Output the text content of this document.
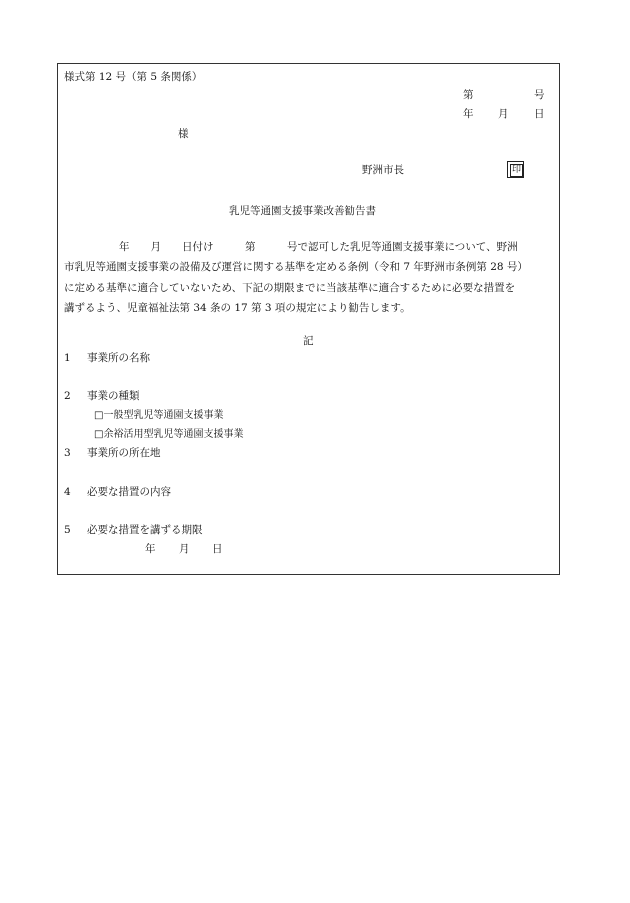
様式第 12 号（第 5 条関係）
第	号
年 月 日
様
野洲市長	印
乳児等通園支援事業改善勧告書
年　　月　　日付け　　　第　　　号で認可した乳児等通園支援事業について、野洲
市乳児等通園支援事業の設備及び運営に関する基準を定める条例（令和 7 年野洲市条例第 28 号）
に定める基準に適合していないため、下記の期限までに当該基準に適合するために必要な措置を
講ずるよう、児童福祉法第 34 条の 17 第 3 項の規定により勧告します。
記
1 事業所の名称
2 事業の種類
□一般型乳児等通園支援事業
□余裕活用型乳児等通園支援事業
3 事業所の所在地
4 必要な措置の内容
5 必要な措置を講ずる期限
年 月 日
